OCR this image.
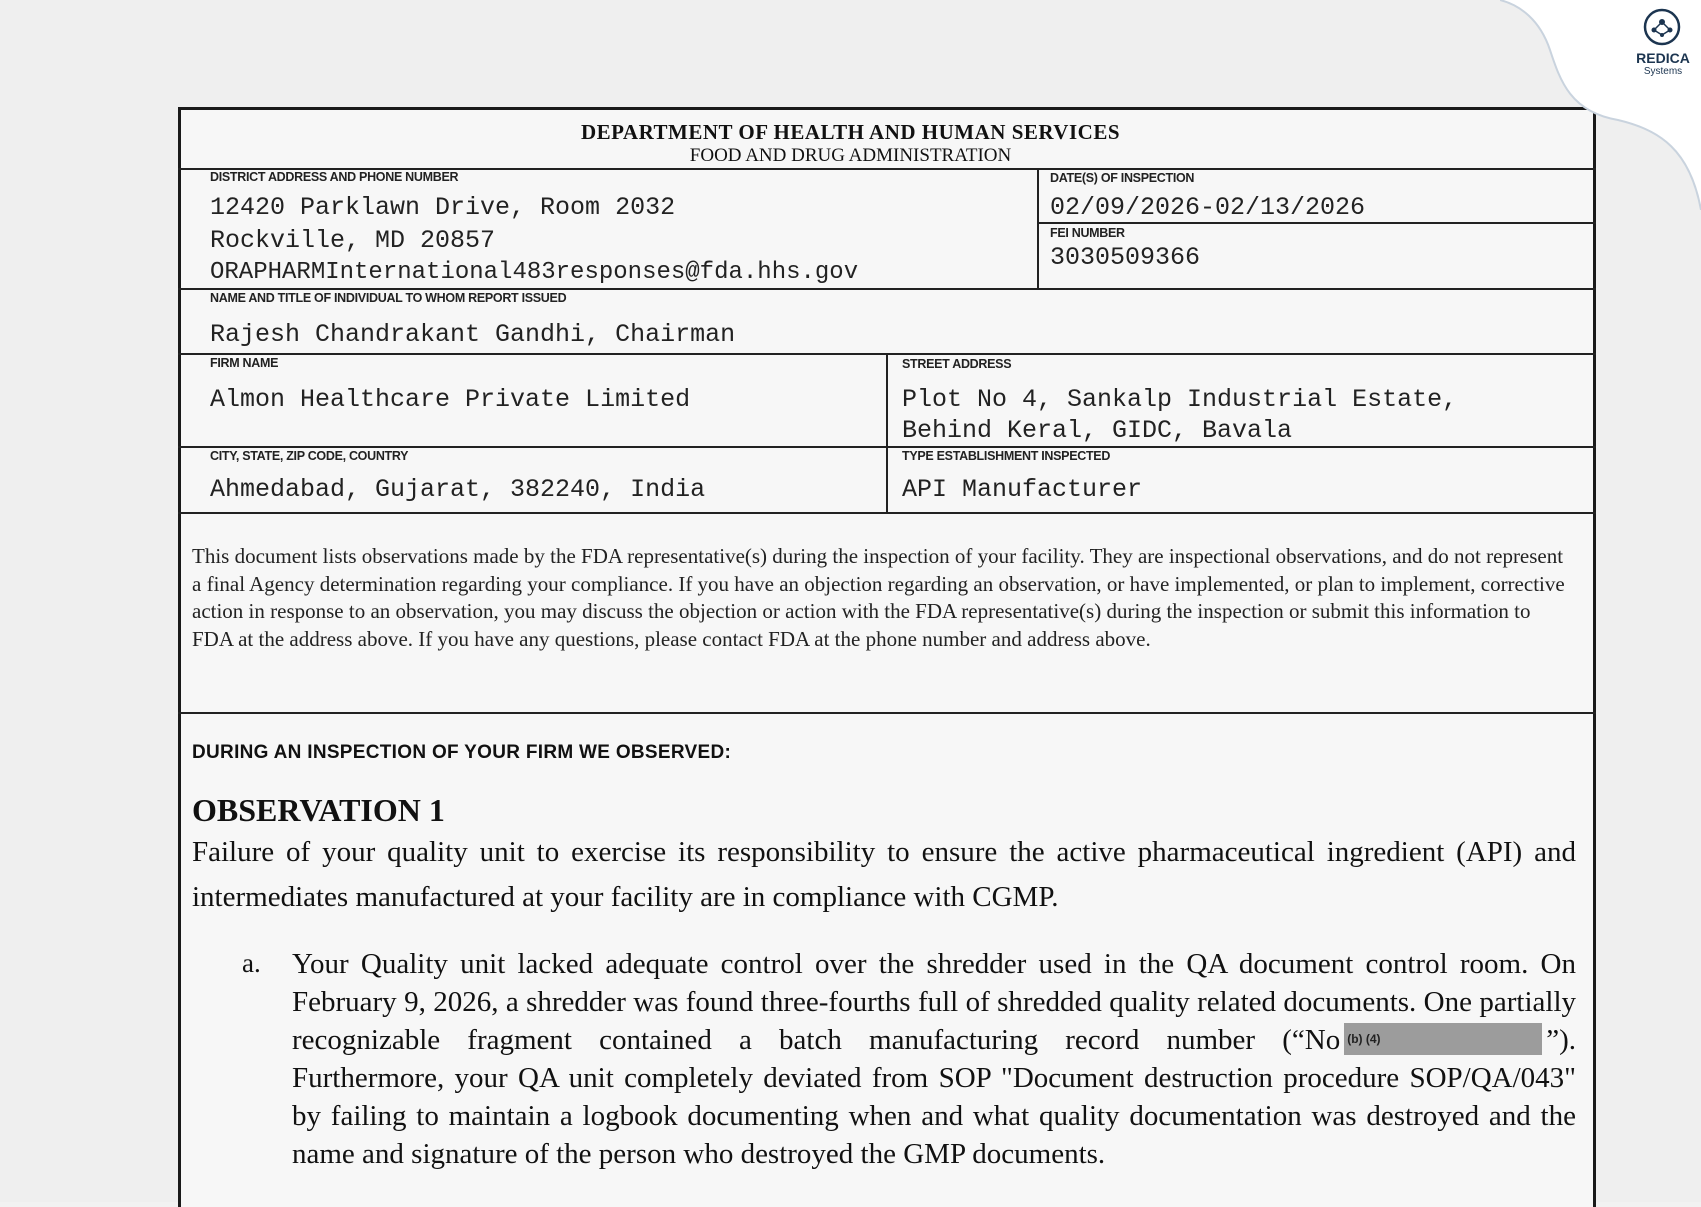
DEPARTMENT OF HEALTH AND HUMAN SERVICES
FOOD AND DRUG ADMINISTRATION
DISTRICT ADDRESS AND PHONE NUMBER
12420 Parklawn Drive, Room 2032
Rockville, MD 20857
ORAPHARMInternational483responses@fda.hhs.gov
DATE(S) OF INSPECTION
02/09/2026-02/13/2026
FEI NUMBER
3030509366
NAME AND TITLE OF INDIVIDUAL TO WHOM REPORT ISSUED
Rajesh Chandrakant Gandhi, Chairman
FIRM NAME
Almon Healthcare Private Limited
STREET ADDRESS
Plot No 4, Sankalp Industrial Estate,
Behind Keral, GIDC, Bavala
CITY, STATE, ZIP CODE, COUNTRY
Ahmedabad, Gujarat, 382240, India
TYPE ESTABLISHMENT INSPECTED
API Manufacturer
This document lists observations made by the FDA representative(s) during the inspection of your facility. They are inspectional observations, and do not represent a final Agency determination regarding your compliance. If you have an objection regarding an observation, or have implemented, or plan to implement, corrective action in response to an observation, you may discuss the objection or action with the FDA representative(s) during the inspection or submit this information to FDA at the address above. If you have any questions, please contact FDA at the phone number and address above.
DURING AN INSPECTION OF YOUR FIRM WE OBSERVED:
OBSERVATION 1
Failure of your quality unit to exercise its responsibility to ensure the active pharmaceutical ingredient (API) and intermediates manufactured at your facility are in compliance with CGMP.
a. Your Quality unit lacked adequate control over the shredder used in the QA document control room. On February 9, 2026, a shredder was found three-fourths full of shredded quality related documents. One partially recognizable fragment contained a batch manufacturing record number (“No (b) (4)	”). Furthermore, your QA unit completely deviated from SOP "Document destruction procedure SOP/QA/043" by failing to maintain a logbook documenting when and what quality documentation was destroyed and the name and signature of the person who destroyed the GMP documents.
REDICA
Systems
